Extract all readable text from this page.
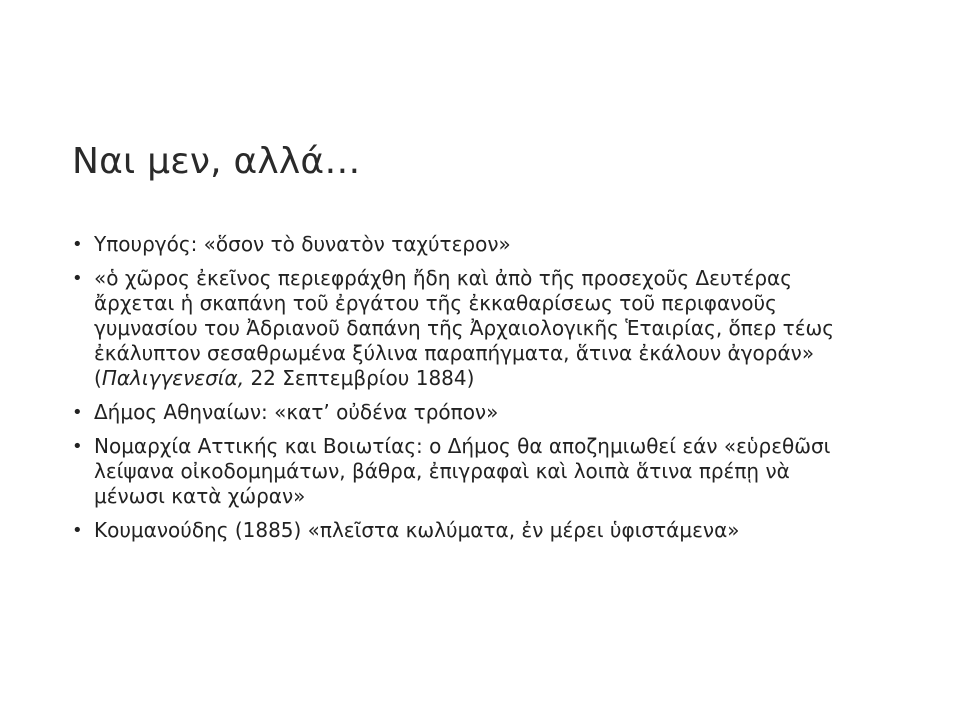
Ναι μεν, αλλά…
• Υπουργός: «ὅσον τὸ δυνατὸν ταχύτερον»
• «ὁ χῶρος ἐκεῖνος περιεφράχθη ἤδη καὶ ἀπὸ τῆς προσεχοῦς Δευτέρας
ἄρχεται ἡ σκαπάνη τοῦ ἐργάτου τῆς ἐκκαθαρίσεως τοῦ περιφανοῦς
γυμνασίου του Ἀδριανοῦ δαπάνη τῆς Ἀρχαιολογικῆς Ἑταιρίας, ὅπερ τέως
ἐκάλυπτον σεσαθρωμένα ξύλινα παραπήγματα, ἅτινα ἐκάλουν ἀγοράν»
(Παλιγγενεσία, 22 Σεπτεμβρίου 1884)
• Δήμος Αθηναίων: «κατ’ οὐδένα τρόπον»
• Νομαρχία Αττικής και Βοιωτίας: ο Δήμος θα αποζημιωθεί εάν «εὑρεθῶσι
λείψανα οἰκοδομημάτων, βάθρα, ἐπιγραφαὶ καὶ λοιπὰ ἅτινα πρέπῃ νὰ
μένωσι κατὰ χώραν»
• Κουμανούδης (1885) «πλεῖστα κωλύματα, ἐν μέρει ὑφιστάμενα»
